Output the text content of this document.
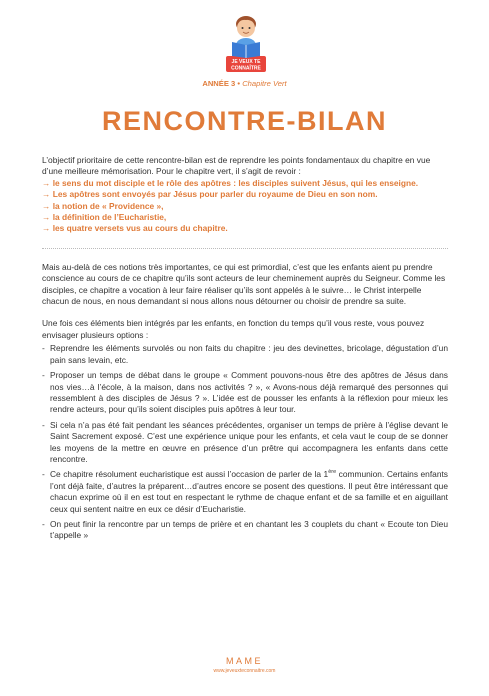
JE VEUX TE
CONNAÎTRE
ANNÉE 3 • Chapitre Vert
RENCONTRE-BILAN

L’objectif prioritaire de cette rencontre-bilan est de reprendre les points fondamentaux du chapitre en vue d’une meilleure mémorisation. Pour le chapitre vert, il s’agit de revoir :

→ le sens du mot disciple et le rôle des apôtres : les disciples suivent Jésus, qui les enseigne.
→ Les apôtres sont envoyés par Jésus pour parler du royaume de Dieu en son nom.
→ la notion de « Providence »,
→ la définition de l’Eucharistie,
→ les quatre versets vus au cours du chapitre.

Mais au-delà de ces notions très importantes, ce qui est primordial, c’est que les enfants aient pu prendre conscience au cours de ce chapitre qu’ils sont acteurs de leur cheminement auprès du Seigneur. Comme les disciples, ce chapitre a vocation à leur faire réaliser qu’ils sont appelés à le suivre… le Christ interpelle chacun de nous, en nous demandant si nous allons nous détourner ou choisir de prendre sa suite.

Une fois ces éléments bien intégrés par les enfants, en fonction du temps qu’il vous reste, vous pouvez envisager plusieurs options :

- Reprendre les éléments survolés ou non faits du chapitre : jeu des devinettes, bricolage, dégustation d’un pain sans levain, etc.
- Proposer un temps de débat dans le groupe « Comment pouvons-nous être des apôtres de Jésus dans nos vies…à l’école, à la maison, dans nos activités ? », « Avons-nous déjà remarqué des personnes qui ressemblent à des disciples de Jésus ? ». L’idée est de pousser les enfants à la réflexion pour mieux les rendre acteurs, pour qu’ils soient disciples puis apôtres à leur tour.
- Si cela n’a pas été fait pendant les séances précédentes, organiser un temps de prière à l’église devant le Saint Sacrement exposé. C’est une expérience unique pour les enfants, et cela vaut le coup de se donner les moyens de la mettre en œuvre en présence d’un prêtre qui accompagnera les enfants dans cette rencontre.
- Ce chapitre résolument eucharistique est aussi l’occasion de parler de la 1ère communion. Certains enfants l’ont déjà faite, d’autres la préparent…d’autres encore se posent des questions. Il peut être intéressant que chacun exprime où il en est tout en respectant le rythme de chaque enfant et de sa famille et en aiguillant ceux qui sentent naitre en eux ce désir d’Eucharistie.
- On peut finir la rencontre par un temps de prière et en chantant les 3 couplets du chant « Ecoute ton Dieu t’appelle »
MAME
www.jeveuxteconnaitre.com
